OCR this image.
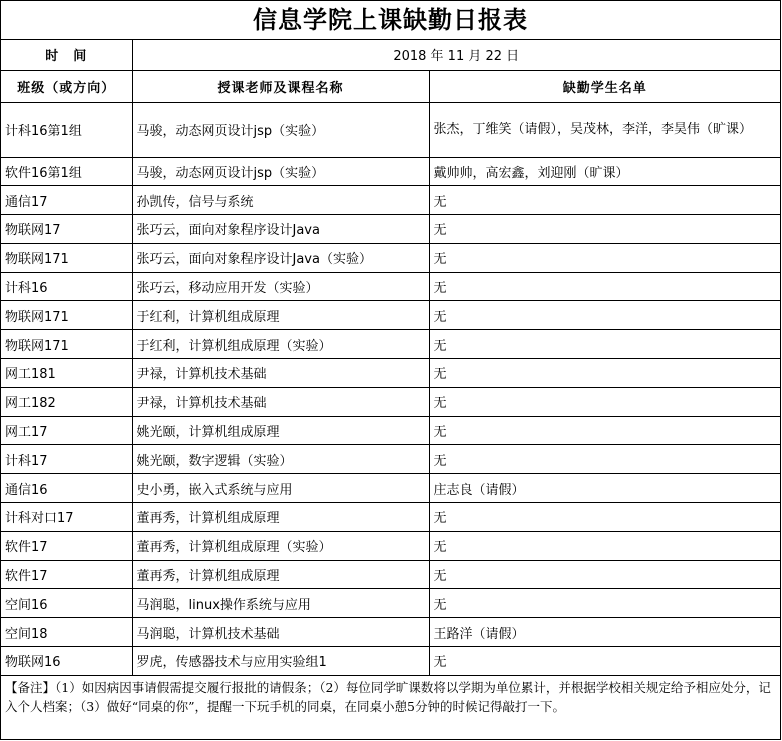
信息学院上课缺勤日报表
时　间	2018 年 11 月 22 日	
班级（或方向）	授课老师及课程名称	缺勤学生名单
计科16第1组	马骏，动态网页设计jsp（实验）	张杰，丁维笑（请假），吴茂林，李洋，李昊伟（旷课）
软件16第1组	马骏，动态网页设计jsp（实验）	戴帅帅，高宏鑫，刘迎刚（旷课）
通信17	孙凯传，信号与系统	无
物联网17	张巧云，面向对象程序设计Java	无
物联网171	张巧云，面向对象程序设计Java（实验）	无
计科16	张巧云，移动应用开发（实验）	无
物联网171	于红利，计算机组成原理	无
物联网171	于红利，计算机组成原理（实验）	无
网工181	尹禄，计算机技术基础	无
网工182	尹禄，计算机技术基础	无
网工17	姚光颐，计算机组成原理	无
计科17	姚光颐，数字逻辑（实验）	无
通信16	史小勇，嵌入式系统与应用	庄志良（请假）
计科对口17	董再秀，计算机组成原理	无
软件17	董再秀，计算机组成原理（实验）	无
软件17	董再秀，计算机组成原理	无
空间16	马润聪，linux操作系统与应用	无
空间18	马润聪，计算机技术基础	王路洋（请假）
物联网16	罗虎，传感器技术与应用实验组1	无
【备注】（1）如因病因事请假需提交履行报批的请假条；（2）每位同学旷课数将以学期为单位累计，并根据学校相关规定给予相应处分，记入个人档案；（3）做好“同桌的你”，提醒一下玩手机的同桌，在同桌小憩5分钟的时候记得敲打一下。
